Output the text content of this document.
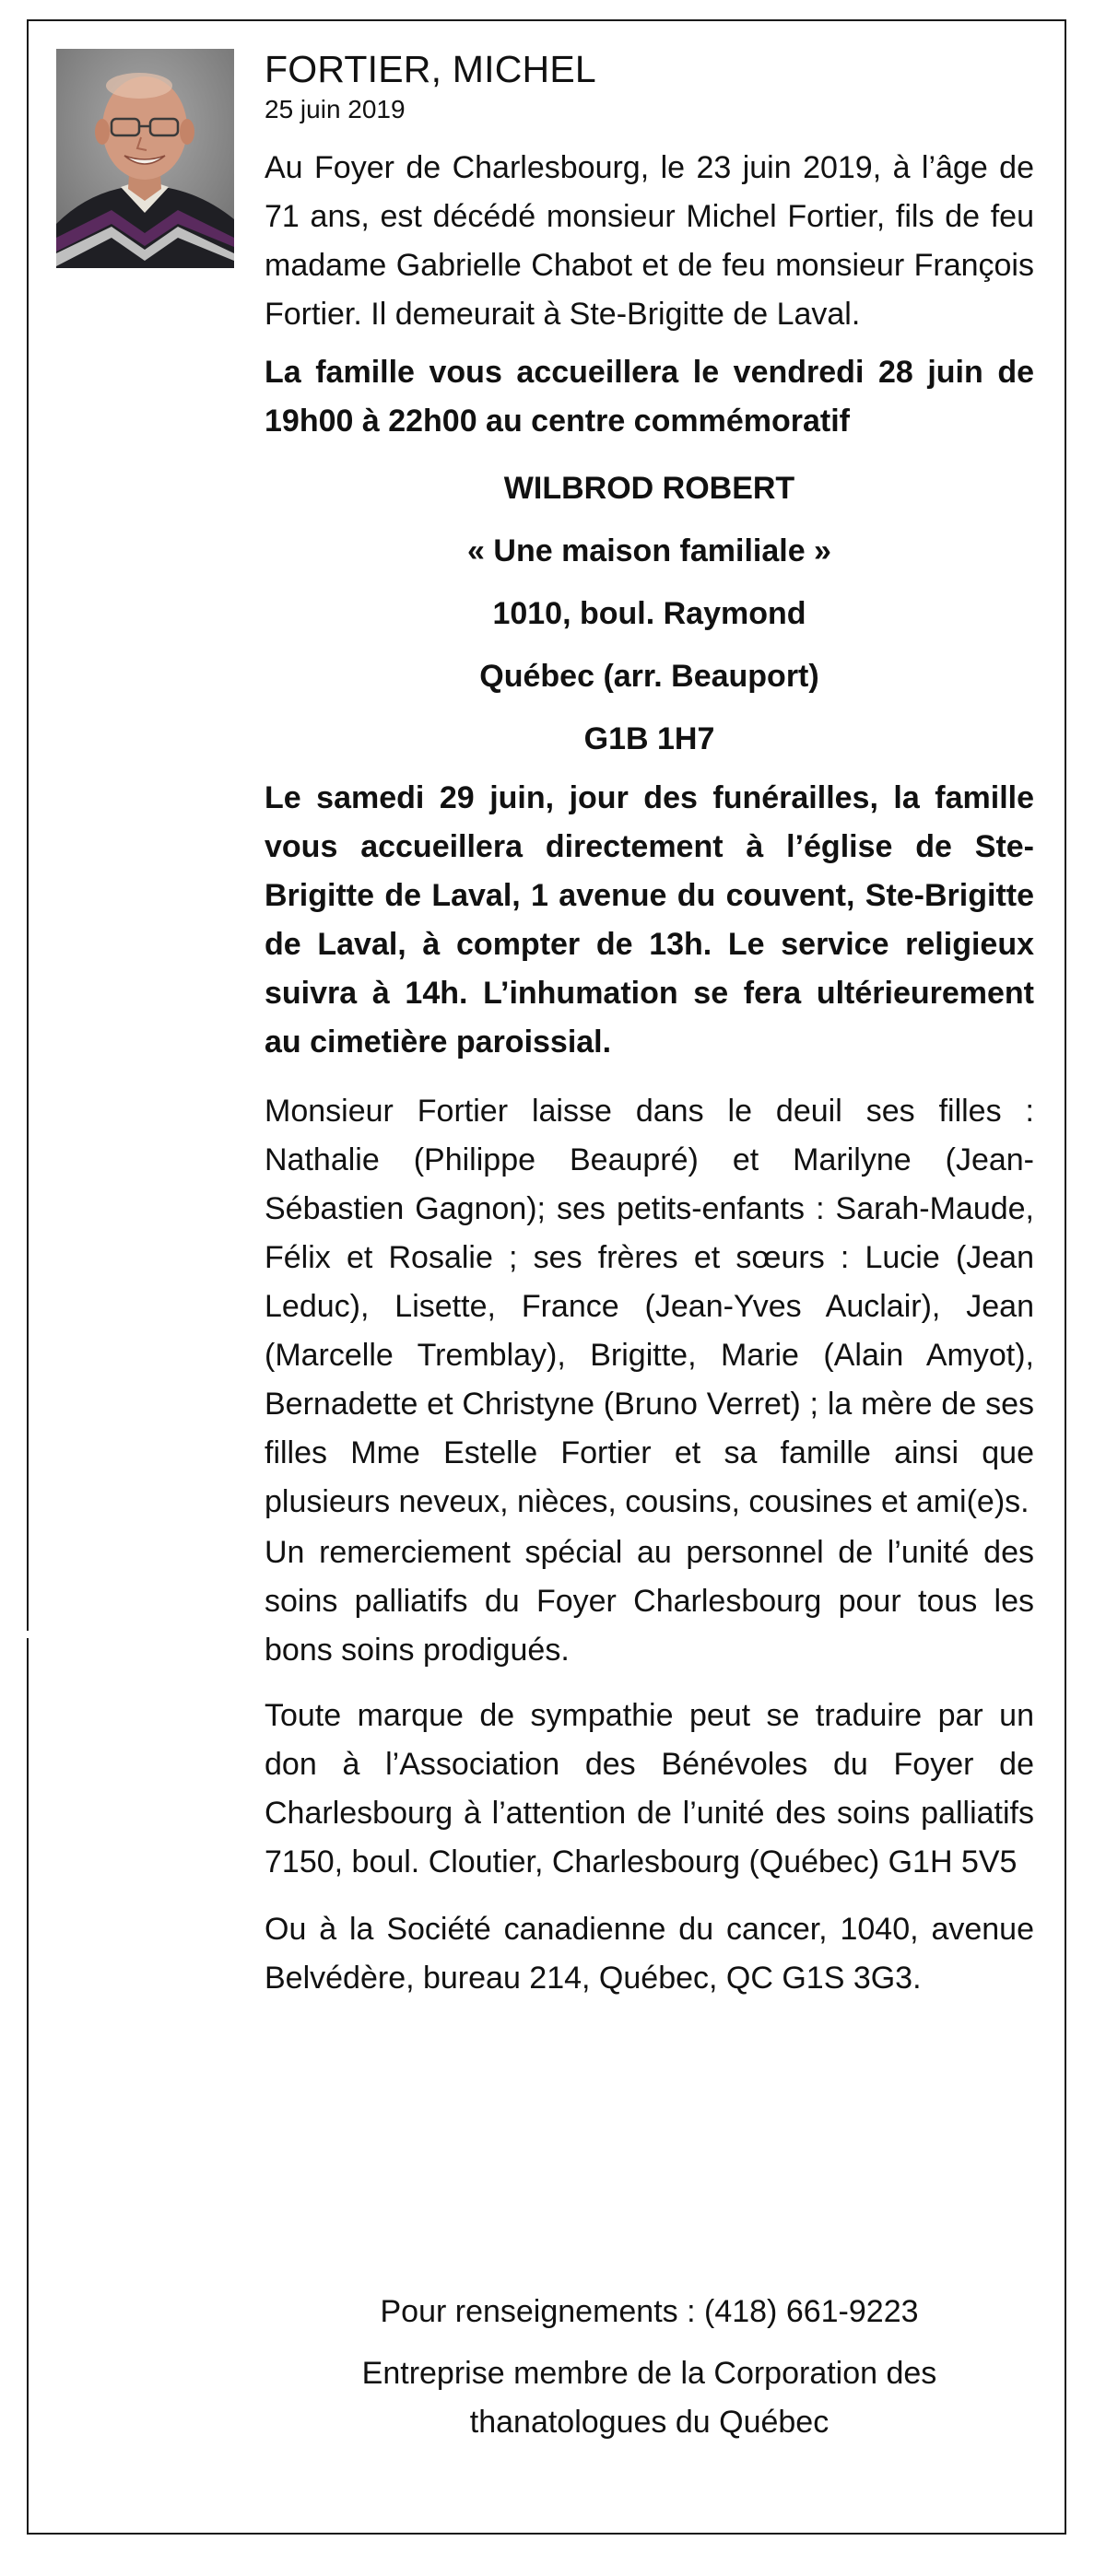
FORTIER, MICHEL
25 juin 2019

Au Foyer de Charlesbourg, le 23 juin 2019, à l’âge de 71 ans, est décédé monsieur Michel Fortier, fils de feu madame Gabrielle Chabot et de feu monsieur François Fortier. Il demeurait à Ste-Brigitte de Laval.

La famille vous accueillera le vendredi 28 juin de 19h00 à 22h00 au centre commémoratif

WILBROD ROBERT

« Une maison familiale »

1010, boul. Raymond

Québec (arr. Beauport)

G1B 1H7

Le samedi 29 juin, jour des funérailles, la famille vous accueillera directement à l’église de Ste-Brigitte de Laval, 1 avenue du couvent, Ste-Brigitte de Laval, à compter de 13h. Le service religieux suivra à 14h. L’inhumation se fera ultérieurement au cimetière paroissial.

Monsieur Fortier laisse dans le deuil ses filles : Nathalie (Philippe Beaupré) et Marilyne (Jean-Sébastien Gagnon); ses petits-enfants : Sarah-Maude, Félix et Rosalie ; ses frères et sœurs : Lucie (Jean Leduc), Lisette, France (Jean-Yves Auclair), Jean (Marcelle Tremblay), Brigitte, Marie (Alain Amyot), Bernadette et Christyne (Bruno Verret) ; la mère de ses filles Mme Estelle Fortier et sa famille ainsi que plusieurs neveux, nièces, cousins, cousines et ami(e)s.

Un remerciement spécial au personnel de l’unité des soins palliatifs du Foyer Charlesbourg pour tous les bons soins prodigués.

Toute marque de sympathie peut se traduire par un don à l’Association des Bénévoles du Foyer de Charlesbourg à l’attention de l’unité des soins palliatifs 7150, boul. Cloutier, Charlesbourg (Québec) G1H 5V5

Ou à la Société canadienne du cancer, 1040, avenue Belvédère, bureau 214, Québec, QC G1S 3G3.

Pour renseignements : (418) 661-9223
Entreprise membre de la Corporation des thanatologues du Québec
